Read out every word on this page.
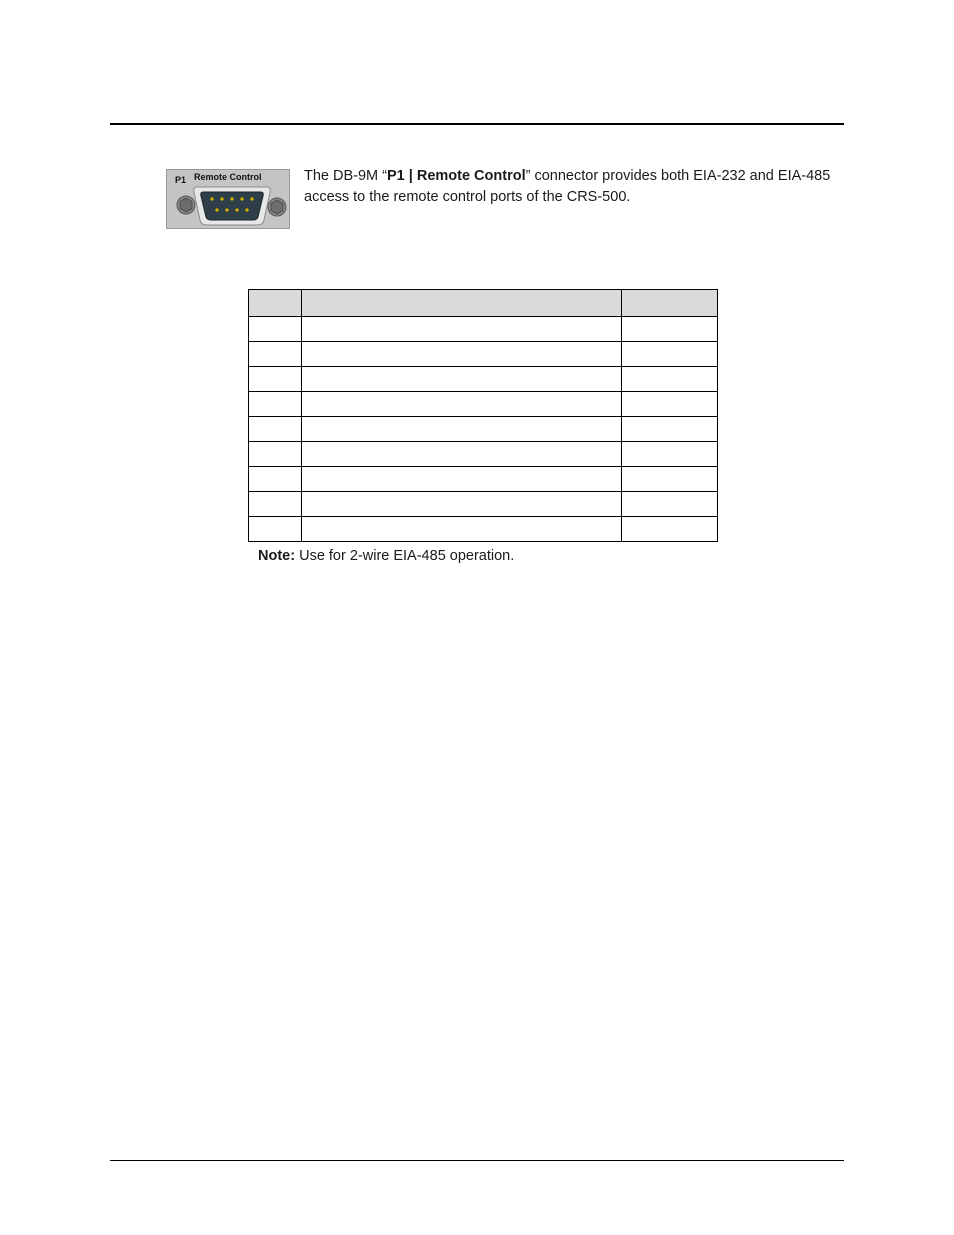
P1 Remote Control	The DB-9M “P1 | Remote Control” connector provides both EIA-232 and EIA-485 access to the remote control ports of the CRS-500.

Note: Use for 2-wire EIA-485 operation.
